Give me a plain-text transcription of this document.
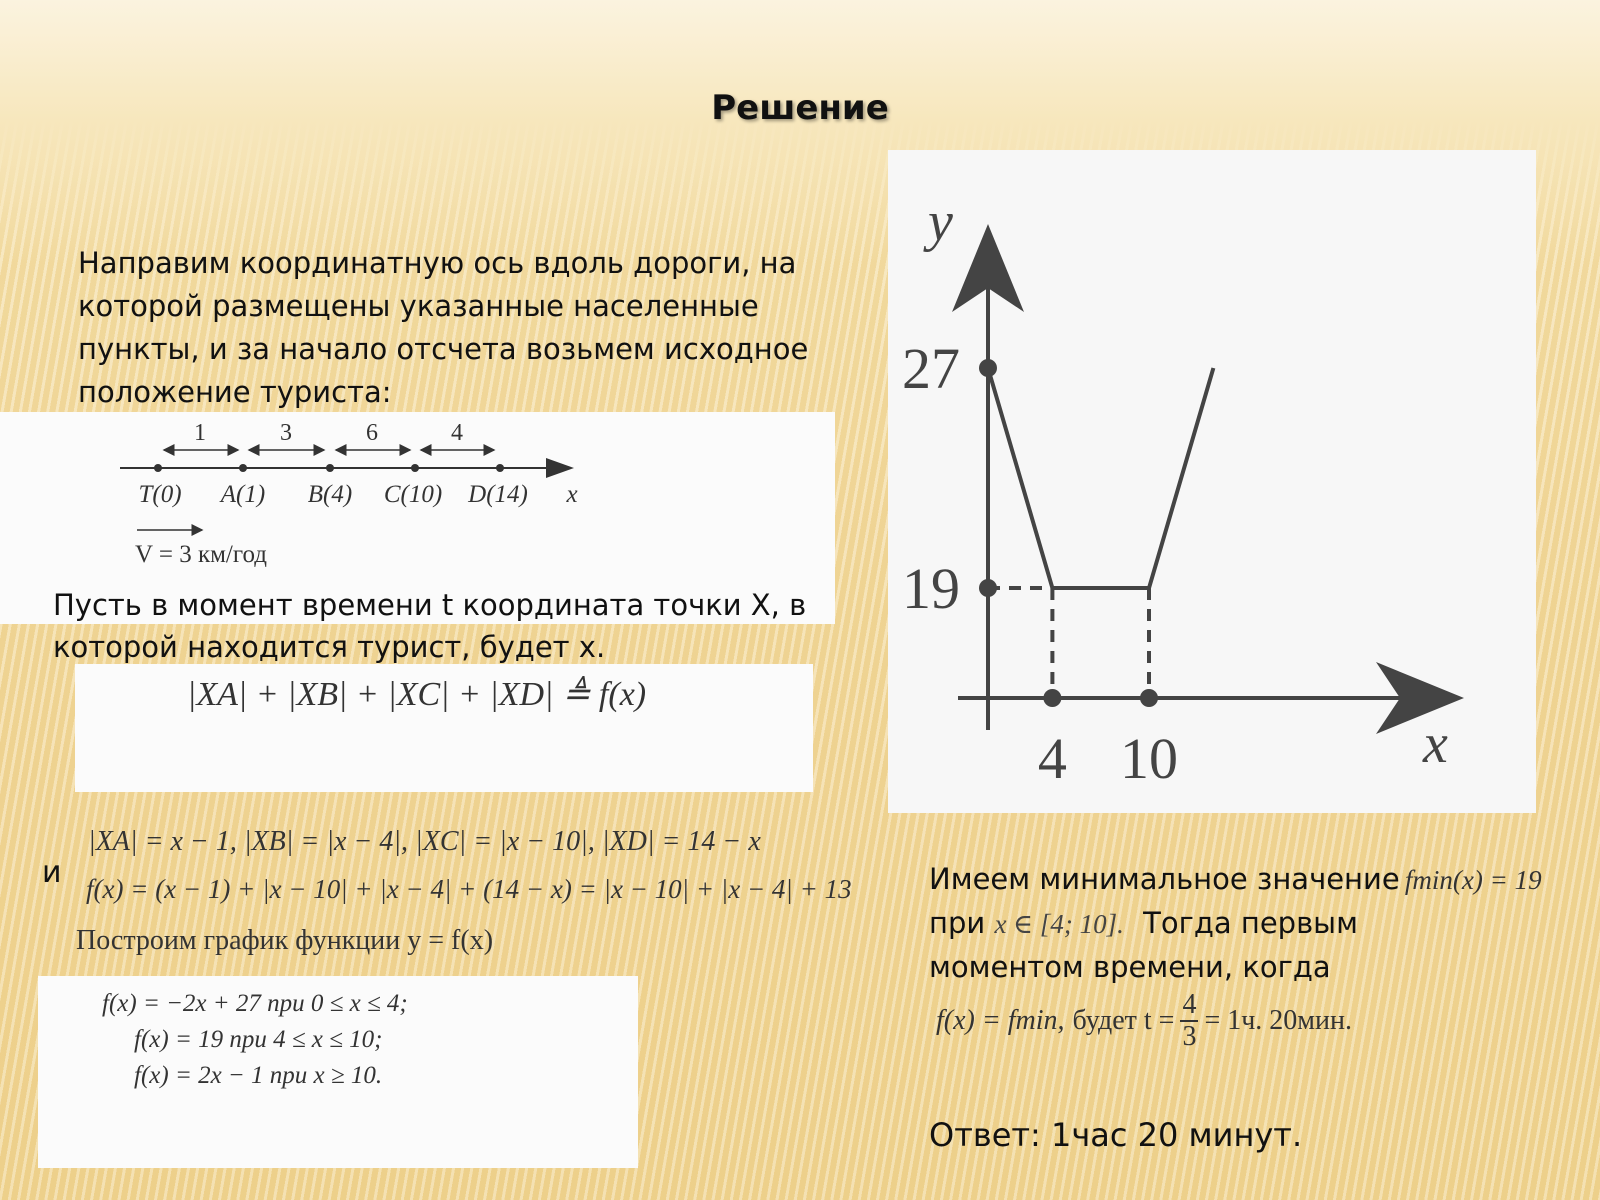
Решение
Направим координатную ось вдоль дороги, на
которой размещены указанные населенные
пункты, и за начало отсчета возьмем исходное
положение туриста:
1	3	6	4
T(0) A(1) B(4) C(10) D(14) x
V = 3 км/год
Пусть в момент времени t координата точки X, в
которой находится турист, будет x.
|XA| + |XB| + |XC| + |XD| ≜ f(x)
и
|XA| = x − 1, |XB| = |x − 4|, |XC| = |x − 10|, |XD| = 14 − x
f(x) = (x − 1) + |x − 10| + |x − 4| + (14 − x) = |x − 10| + |x − 4| + 13
Построим график функции y = f(x)
f(x) = −2x + 27 при 0 ≤ x ≤ 4;
f(x) = 19 при 4 ≤ x ≤ 10;
f(x) = 2x − 1 при x ≥ 10.
y
x
19
27
4 10
Имеем минимальное значение fmin(x) = 19
при x ∈ [4; 10]. Тогда первым
моментом времени, когда
f(x) = fmin, будет $t = \frac{4}{3} = 1ч$. 20мин.
Ответ: 1час 20 минут.
